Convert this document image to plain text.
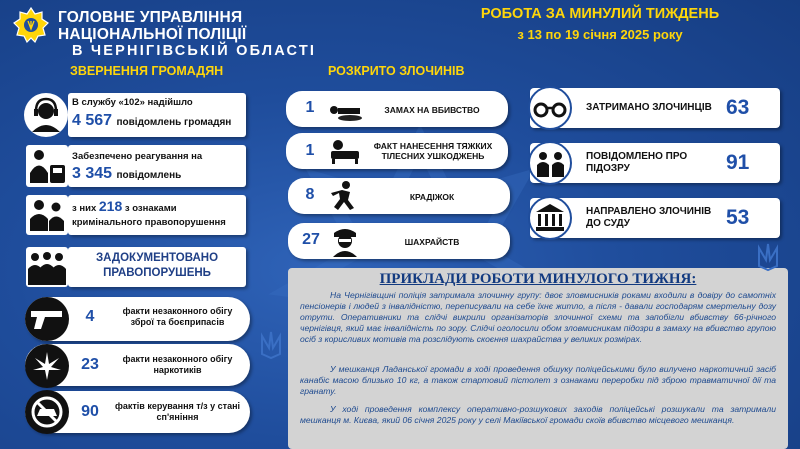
ГОЛОВНЕ УПРАВЛІННЯ НАЦІОНАЛЬНОЇ ПОЛІЦІЇ
В ЧЕРНІГІВСЬКІЙ ОБЛАСТІ
РОБОТА ЗА МИНУЛИЙ ТИЖДЕНЬ
з 13 по 19 січня 2025 року
ЗВЕРНЕННЯ ГРОМАДЯН
В службу «102» надійшло
4 567 повідомлень громадян
Забезпечено реагування на
3 345 повідомлень
з них 218 з ознаками
кримінального правопорушення
ЗАДОКУМЕНТОВАНО ПРАВОПОРУШЕНЬ
4	факти незаконного обігу зброї та боєприпасів
23	факти незаконного обігу наркотиків
90	фактів керування т/з у стані сп'яніння
РОЗКРИТО ЗЛОЧИНІВ
1	ЗАМАХ НА ВБИВСТВО
1	ФАКТ НАНЕСЕННЯ ТЯЖКИХ ТІЛЕСНИХ УШКОДЖЕНЬ
8	КРАДІЖОК
27	ШАХРАЙСТВ
ЗАТРИМАНО ЗЛОЧИНЦІВ 63
ПОВІДОМЛЕНО ПРО ПІДОЗРУ	91
НАПРАВЛЕНО ЗЛОЧИНІВ ДО СУДУ	53
ПРИКЛАДИ РОБОТИ МИНУЛОГО ТИЖНЯ:
На Чернігівщині поліція затримала злочинну групу: двоє зловмисників роками входили в довіру до самотніх пенсіонерів і людей з інвалідністю, переписували на себе їхнє житло, а після - давали господарям смертельну дозу отрути. Оперативники та слідчі викрили організаторів злочинної схеми та запобігли вбивству 66-річного чернігівця, який має інвалідність по зору. Слідчі оголосили обом зловмисникам підозри в замаху на вбивство групою осіб з корисливих мотивів та розслідують скоєння шахрайства у великих розмірах.
У мешканця Ладанської громади в ході проведення обшуку поліцейськими було вилучено наркотичний засіб канабіс масою близько 10 кг, а також стартовий пістолет з ознаками переробки під зброю травматичної дії та гранату.
У ході проведення комплексу оперативно-розшукових заходів поліцейські розшукали та затримали мешканця м. Києва, який 06 січня 2025 року у селі Макіївської громади скоїв вбивство місцевого мешканця.
